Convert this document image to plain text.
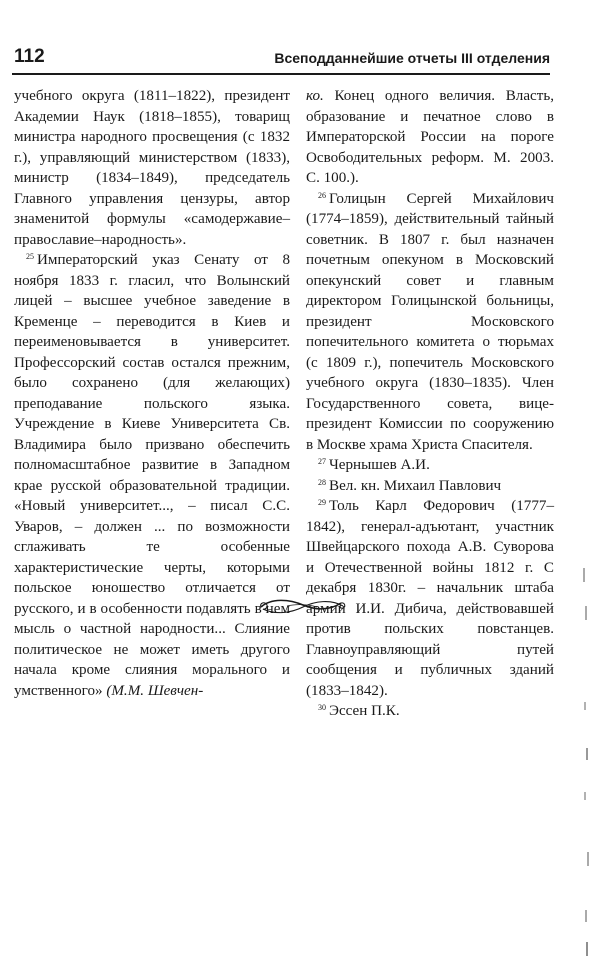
112	Всеподданнейшие отчеты III отделения

учебного округа (1811–1822), президент Академии Наук (1818–1855), товарищ министра народного просвещения (с 1832 г.), управляющий министерством (1833), министр (1834–1849), председатель Главного управления цензуры, автор знаменитой формулы «самодержавие–православие–народность».

$^{25}$ Императорский указ Сенату от 8 ноября 1833 г. гласил, что Волынский лицей – высшее учебное заведение в Кременце – переводится в Киев и переименовывается в университет. Профессорский состав остался прежним, было сохранено (для желающих) преподавание польского языка. Учреждение в Киеве Университета Св. Владимира было призвано обеспечить полномасштабное развитие в Западном крае русской образовательной традиции. «Новый университет..., – писал С.С. Уваров, – должен ... по возможности сглаживать те особенные характеристические черты, которыми польское юношество отличается от русского, и в особенности подавлять в нем мысль о частной народности... Слияние политическое не может иметь другого начала кроме слияния морального и умственного» (М.М. Шевчен-

ко. Конец одного величия. Власть, образование и печатное слово в Императорской России на пороге Освободительных реформ. М. 2003. С. 100.).

$^{26}$ Голицын Сергей Михайлович (1774–1859), действительный тайный советник. В 1807 г. был назначен почетным опекуном в Московский опекунский совет и главным директором Голицынской больницы, президент Московского попечительного комитета о тюрьмах (с 1809 г.), попечитель Московского учебного округа (1830–1835). Член Государственного совета, вице-президент Комиссии по сооружению в Москве храма Христа Спасителя.

$^{27}$ Чернышев А.И.

$^{28}$ Вел. кн. Михаил Павлович

$^{29}$ Толь Карл Федорович (1777–1842), генерал-адъютант, участник Швейцарского похода А.В. Суворова и Отечественной войны 1812 г. С декабря 1830г. – начальник штаба армии И.И. Дибича, действовавшей против польских повстанцев. Главноуправляющий путей сообщения и публичных зданий (1833–1842).

$^{30}$ Эссен П.К.
